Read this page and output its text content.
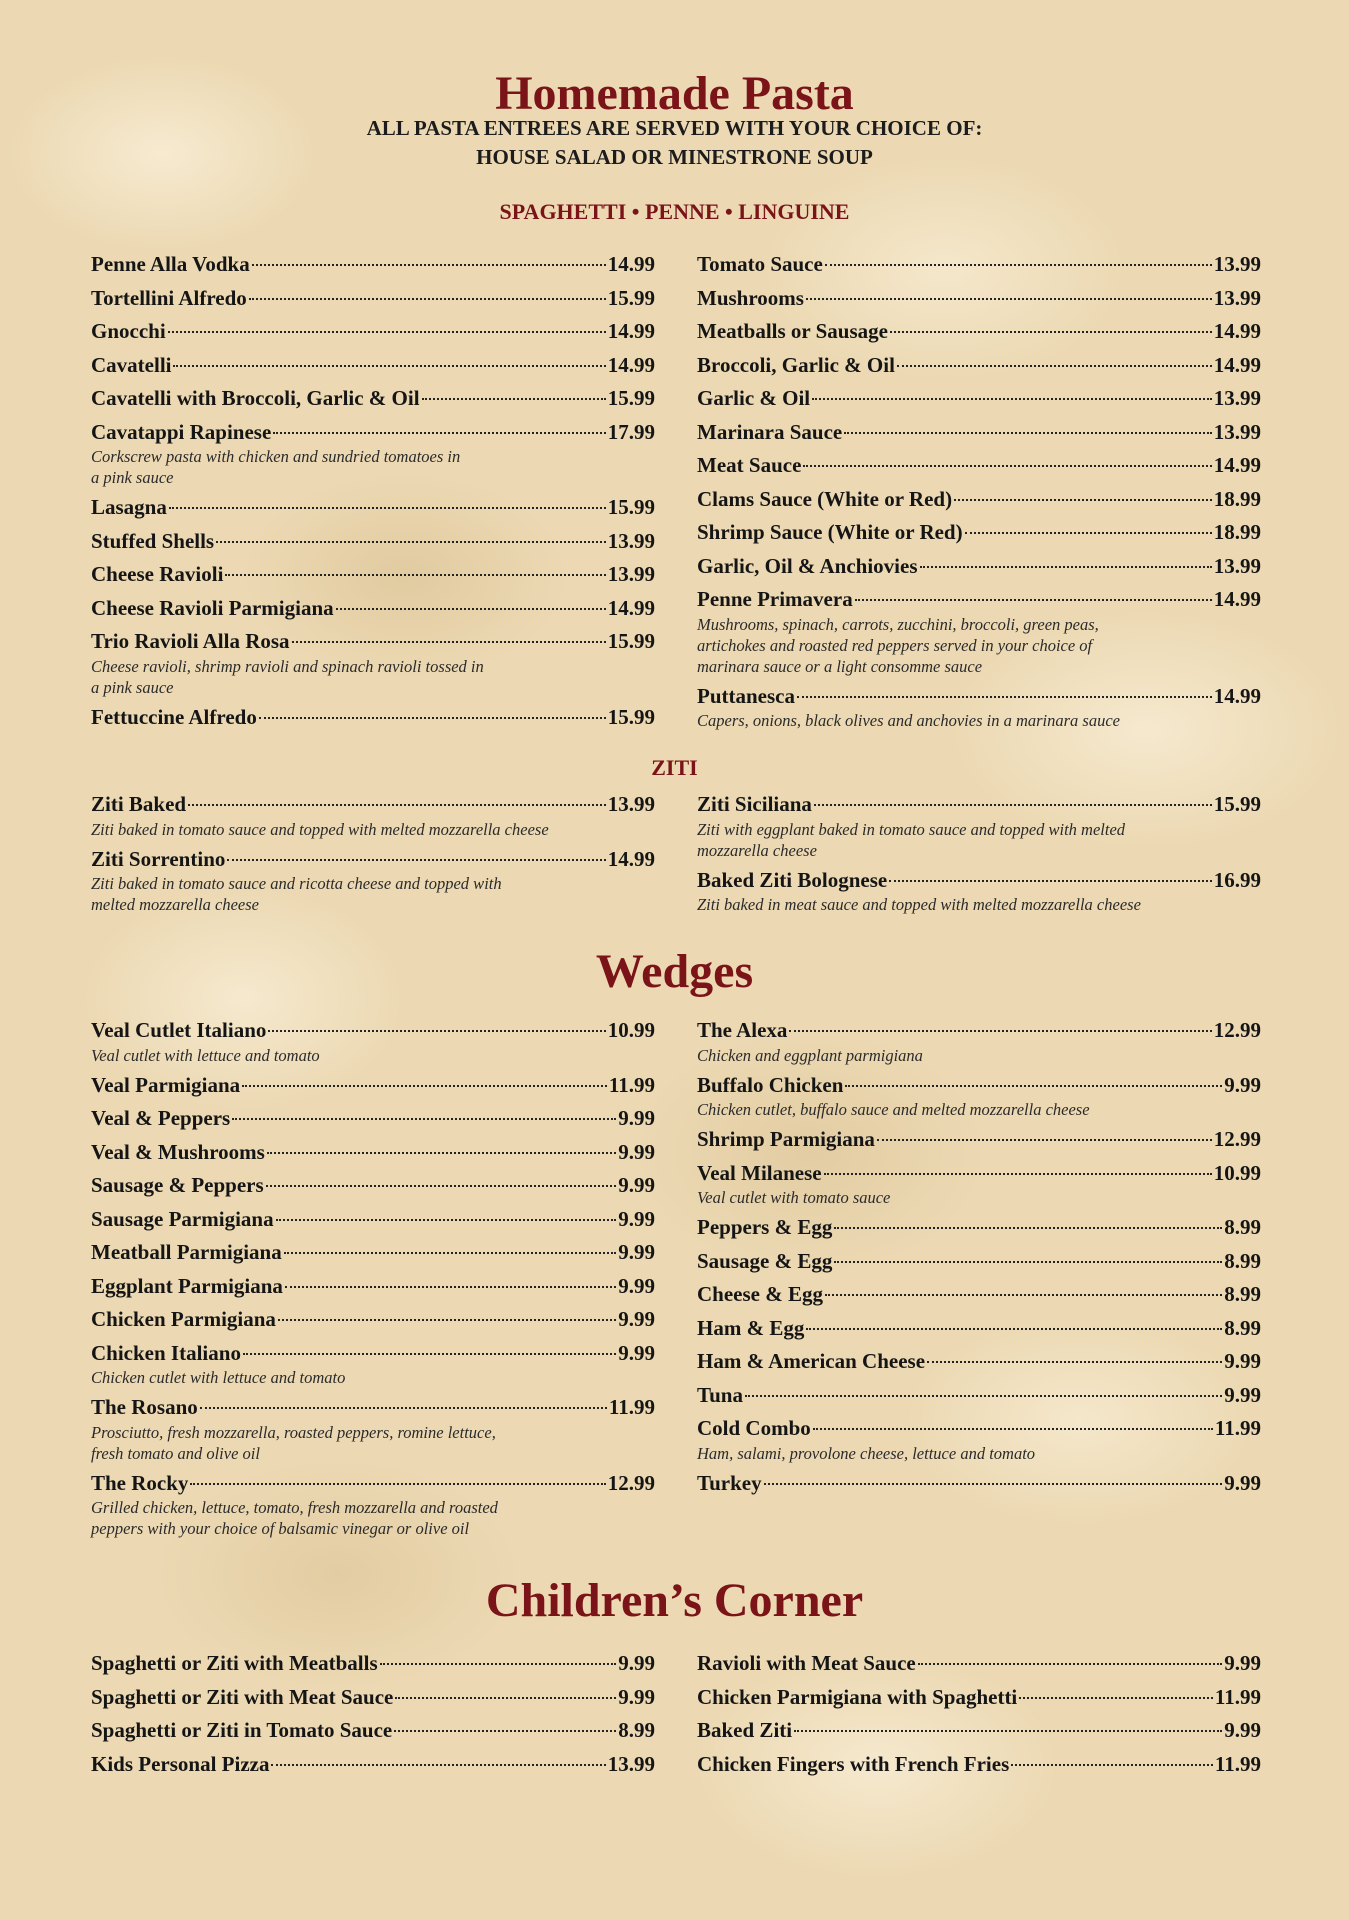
Homemade Pasta
ALL PASTA ENTREES ARE SERVED WITH YOUR CHOICE OF:
HOUSE SALAD OR MINESTRONE SOUP
SPAGHETTI • PENNE • LINGUINE
Penne Alla Vodka	14.99
Tortellini Alfredo	15.99
Gnocchi	14.99
Cavatelli	14.99
Cavatelli with Broccoli, Garlic & Oil	15.99
Cavatappi Rapinese	17.99
Corkscrew pasta with chicken and sundried tomatoes in
a pink sauce
Lasagna	15.99
Stuffed Shells	13.99
Cheese Ravioli	13.99
Cheese Ravioli Parmigiana	14.99
Trio Ravioli Alla Rosa	15.99
Cheese ravioli, shrimp ravioli and spinach ravioli tossed in
a pink sauce
Fettuccine Alfredo	15.99
Tomato Sauce	13.99
Mushrooms	13.99
Meatballs or Sausage	14.99
Broccoli, Garlic & Oil	14.99
Garlic & Oil	13.99
Marinara Sauce	13.99
Meat Sauce	14.99
Clams Sauce (White or Red)	18.99
Shrimp Sauce (White or Red)	18.99
Garlic, Oil & Anchiovies	13.99
Penne Primavera	14.99
Mushrooms, spinach, carrots, zucchini, broccoli, green peas,
artichokes and roasted red peppers served in your choice of
marinara sauce or a light consomme sauce
Puttanesca	14.99
Capers, onions, black olives and anchovies in a marinara sauce
ZITI
Ziti Baked	13.99
Ziti baked in tomato sauce and topped with melted mozzarella cheese
Ziti Sorrentino	14.99
Ziti baked in tomato sauce and ricotta cheese and topped with
melted mozzarella cheese
Ziti Siciliana	15.99
Ziti with eggplant baked in tomato sauce and topped with melted
mozzarella cheese
Baked Ziti Bolognese	16.99
Ziti baked in meat sauce and topped with melted mozzarella cheese
Wedges
Veal Cutlet Italiano	10.99
Veal cutlet with lettuce and tomato
Veal Parmigiana	11.99
Veal & Peppers	9.99
Veal & Mushrooms	9.99
Sausage & Peppers	9.99
Sausage Parmigiana	9.99
Meatball Parmigiana	9.99
Eggplant Parmigiana	9.99
Chicken Parmigiana	9.99
Chicken Italiano	9.99
Chicken cutlet with lettuce and tomato
The Rosano	11.99
Prosciutto, fresh mozzarella, roasted peppers, romine lettuce,
fresh tomato and olive oil
The Rocky	12.99
Grilled chicken, lettuce, tomato, fresh mozzarella and roasted
peppers with your choice of balsamic vinegar or olive oil
The Alexa	12.99
Chicken and eggplant parmigiana
Buffalo Chicken	9.99
Chicken cutlet, buffalo sauce and melted mozzarella cheese
Shrimp Parmigiana	12.99
Veal Milanese	10.99
Veal cutlet with tomato sauce
Peppers & Egg	8.99
Sausage & Egg	8.99
Cheese & Egg	8.99
Ham & Egg	8.99
Ham & American Cheese	9.99
Tuna	9.99
Cold Combo	11.99
Ham, salami, provolone cheese, lettuce and tomato
Turkey	9.99
Children’s Corner
Spaghetti or Ziti with Meatballs	9.99
Spaghetti or Ziti with Meat Sauce	9.99
Spaghetti or Ziti in Tomato Sauce	8.99
Kids Personal Pizza	13.99
Ravioli with Meat Sauce	9.99
Chicken Parmigiana with Spaghetti	11.99
Baked Ziti	9.99
Chicken Fingers with French Fries	11.99
